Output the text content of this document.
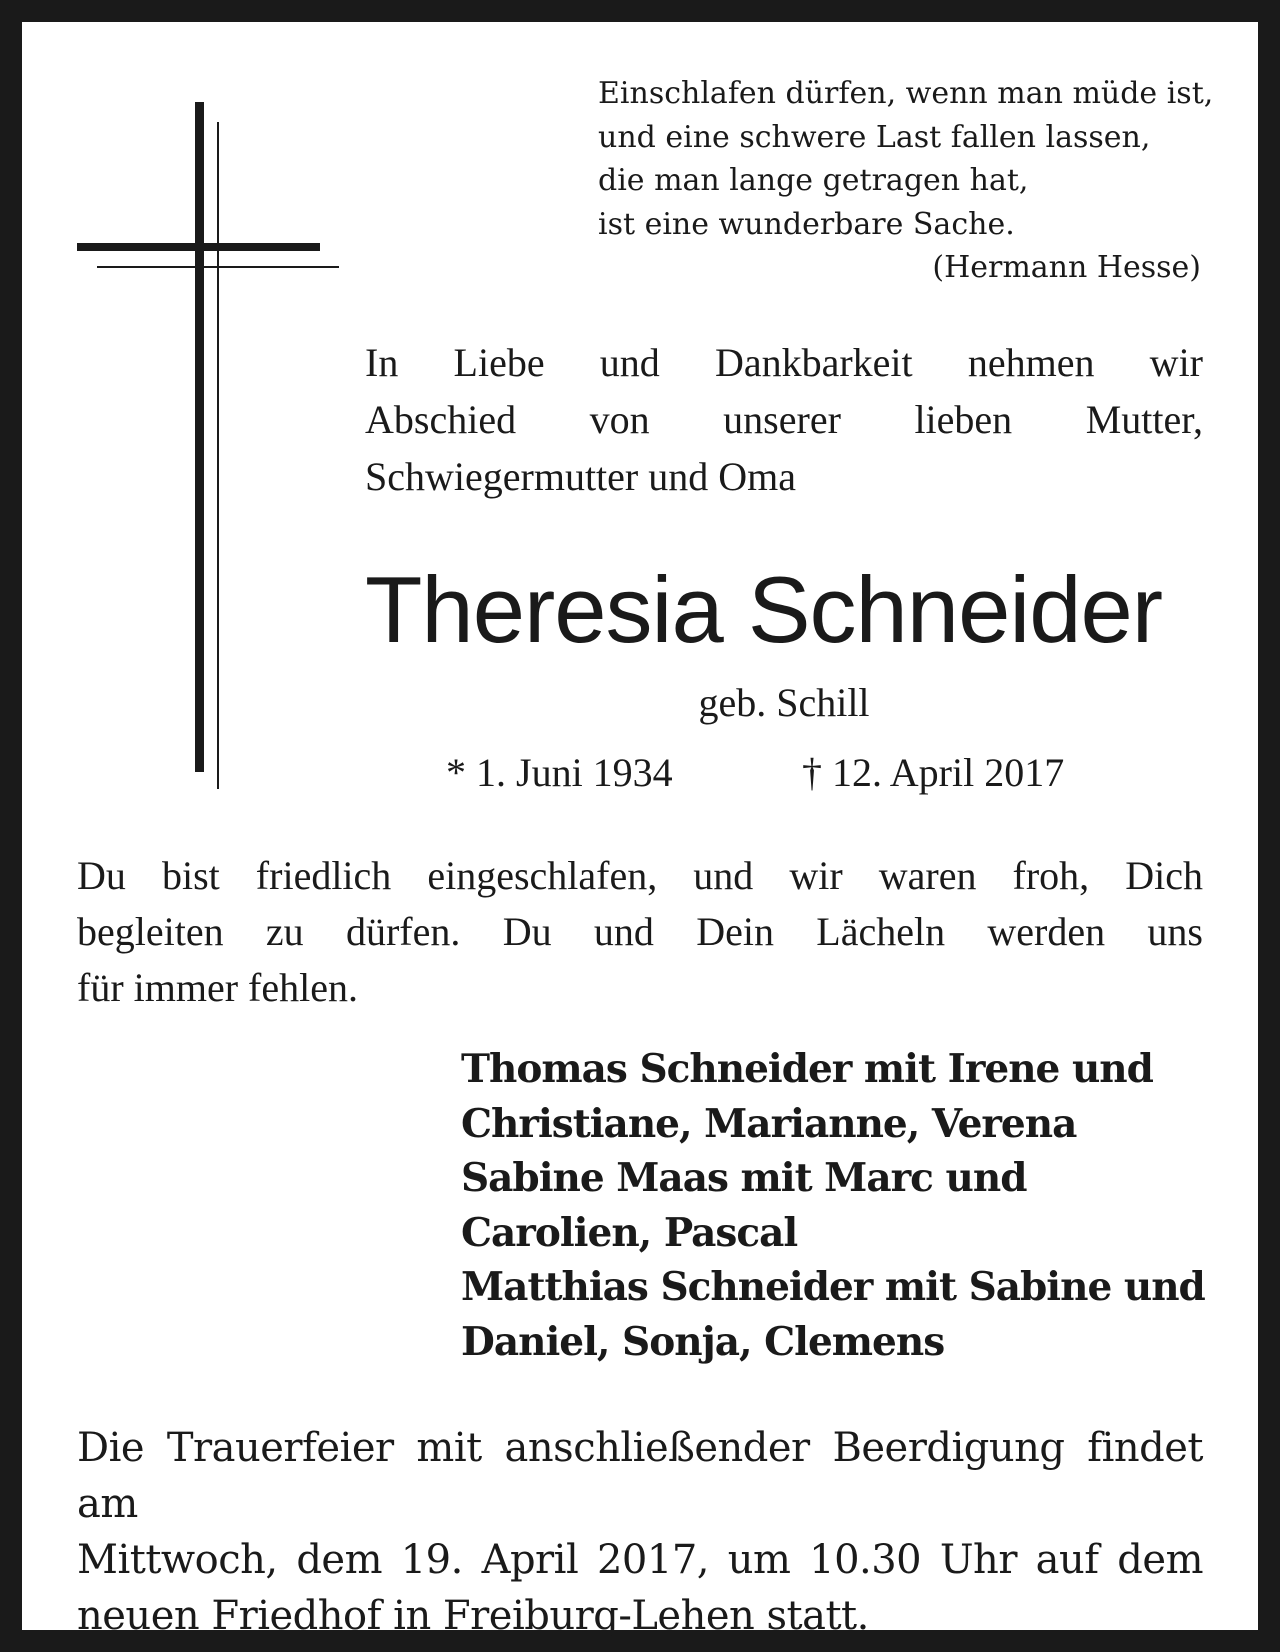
Einschlafen dürfen, wenn man müde ist,
und eine schwere Last fallen lassen,
die man lange getragen hat,
ist eine wunderbare Sache.
(Hermann Hesse)
In Liebe und Dankbarkeit nehmen wir
Abschied von unserer lieben Mutter,
Schwiegermutter und Oma
Theresia Schneider
geb. Schill
* 1. Juni 1934	† 12. April 2017
Du bist friedlich eingeschlafen, und wir waren froh, Dich
begleiten zu dürfen. Du und Dein Lächeln werden uns
für immer fehlen.
Thomas Schneider mit Irene und
Christiane, Marianne, Verena
Sabine Maas mit Marc und
Carolien, Pascal
Matthias Schneider mit Sabine und
Daniel, Sonja, Clemens
Die Trauerfeier mit anschließender Beerdigung findet am
Mittwoch, dem 19. April 2017, um 10.30 Uhr auf dem
neuen Friedhof in Freiburg-Lehen statt.
